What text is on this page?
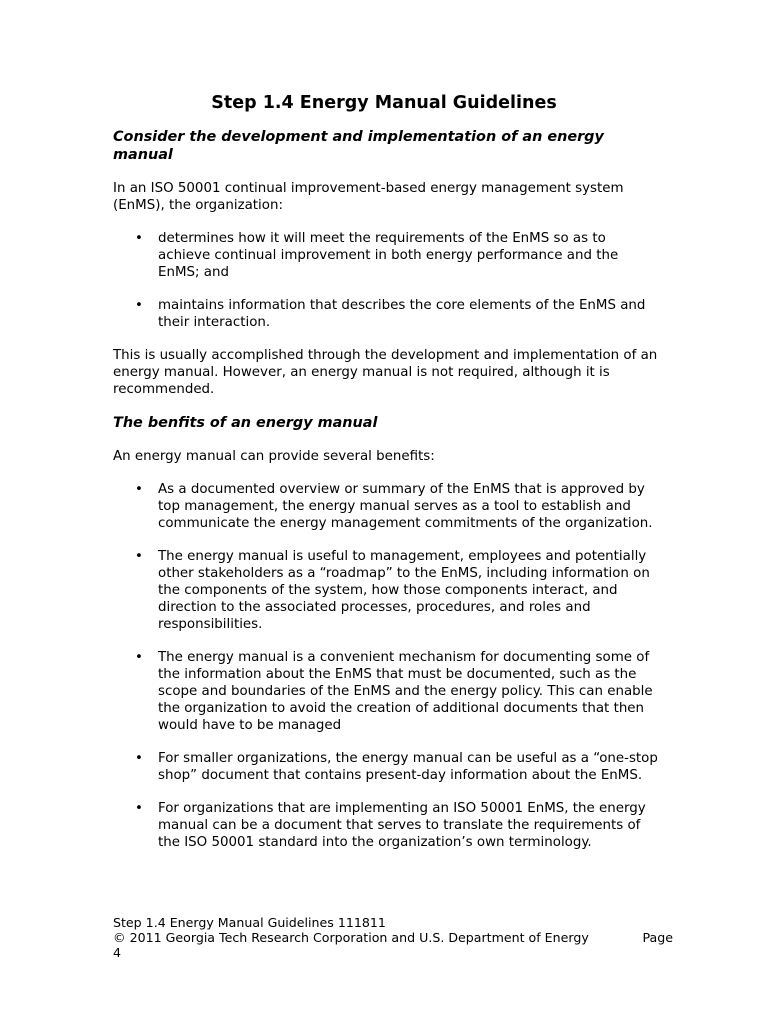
Step 1.4 Energy Manual Guidelines
Consider the development and implementation of an energy manual

In an ISO 50001 continual improvement-based energy management system (EnMS), the organization:

• determines how it will meet the requirements of the EnMS so as to achieve continual improvement in both energy performance and the EnMS; and
• maintains information that describes the core elements of the EnMS and their interaction.

This is usually accomplished through the development and implementation of an energy manual. However, an energy manual is not required, although it is recommended.

The benfits of an energy manual

An energy manual can provide several benefits:

• As a documented overview or summary of the EnMS that is approved by top management, the energy manual serves as a tool to establish and communicate the energy management commitments of the organization.
• The energy manual is useful to management, employees and potentially other stakeholders as a “roadmap” to the EnMS, including information on the components of the system, how those components interact, and direction to the associated processes, procedures, and roles and responsibilities.
• The energy manual is a convenient mechanism for documenting some of the information about the EnMS that must be documented, such as the scope and boundaries of the EnMS and the energy policy. This can enable the organization to avoid the creation of additional documents that then would have to be managed
• For smaller organizations, the energy manual can be useful as a “one-stop shop” document that contains present-day information about the EnMS.
• For organizations that are implementing an ISO 50001 EnMS, the energy manual can be a document that serves to translate the requirements of the ISO 50001 standard into the organization’s own terminology.
Step 1.4 Energy Manual Guidelines 111811
© 2011 Georgia Tech Research Corporation and U.S. Department of Energy	Page
4
